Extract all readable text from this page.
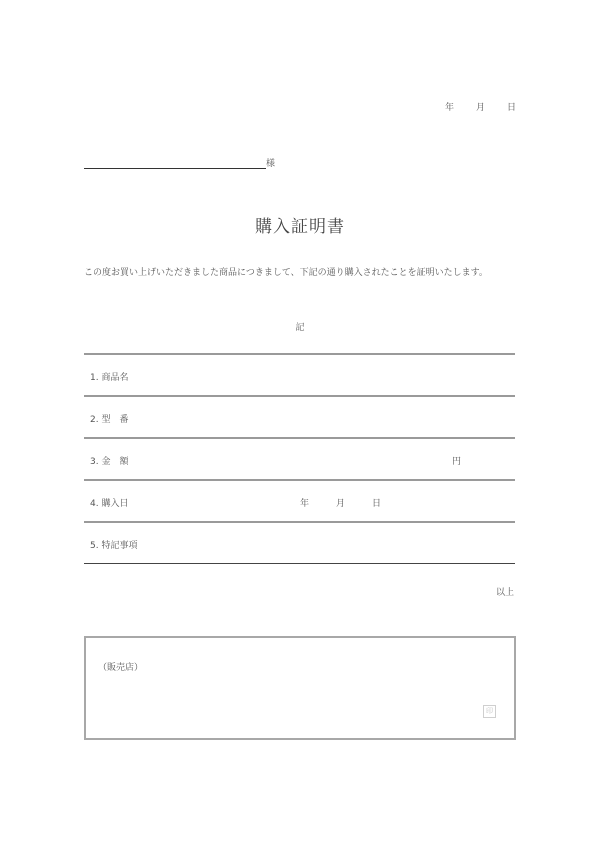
年 月 日
様
購入証明書
この度お買い上げいただきました商品につきまして、下記の通り購入されたことを証明いたします。
記
1. 商品名
2. 型　番
3. 金　額	円
4. 購入日	年	月	日
5. 特記事項
以上
（販売店）
印
